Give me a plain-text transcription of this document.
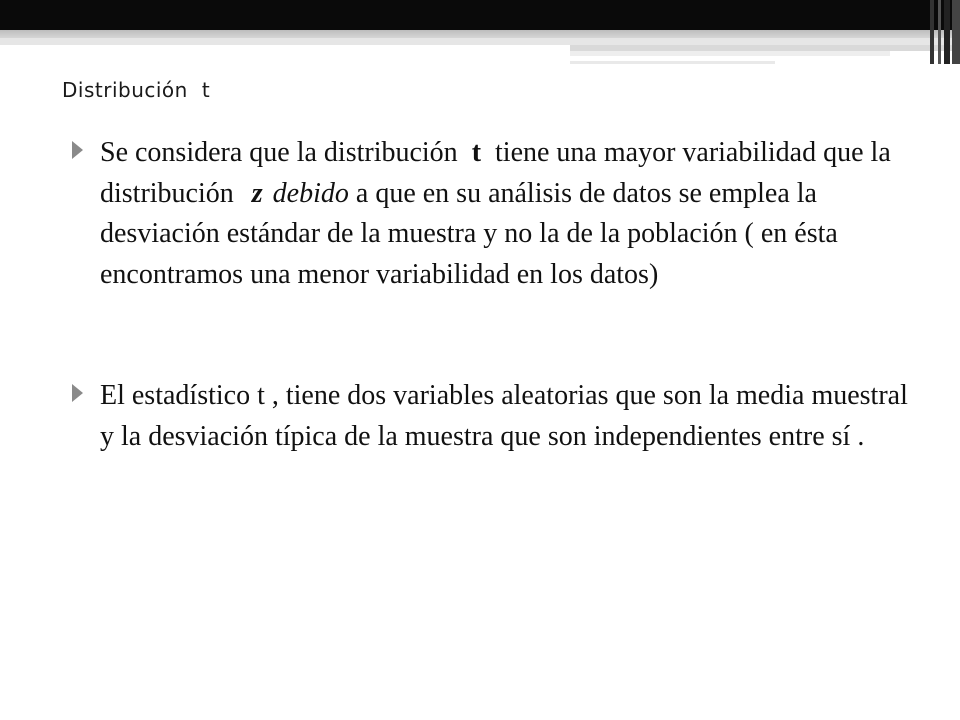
Distribución t
Se considera que la distribución t tiene una mayor variabilidad que la distribución z debido a que en su análisis de datos se emplea la desviación estándar de la muestra y no la de la población ( en ésta encontramos una menor variabilidad en los datos)
El estadístico t , tiene dos variables aleatorias que son la media muestral y la desviación típica de la muestra que son independientes entre sí .
